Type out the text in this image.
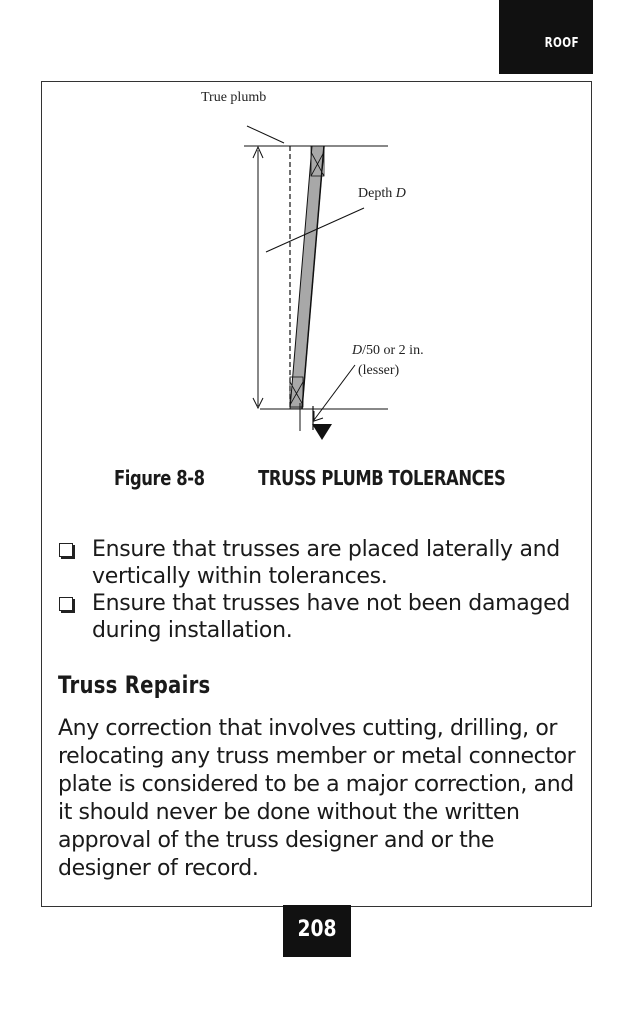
ROOF
True plumb
Depth D
D/50 or 2 in.
(lesser)
Figure 8-8	TRUSS PLUMB TOLERANCES
Ensure that trusses are placed laterally and vertically within tolerances.
Ensure that trusses have not been damaged during installation.
Truss Repairs

Any correction that involves cutting, drilling, or relocating any truss member or metal connector plate is considered to be a major correction, and it should never be done without the written approval of the truss designer and or the designer of record.

208
